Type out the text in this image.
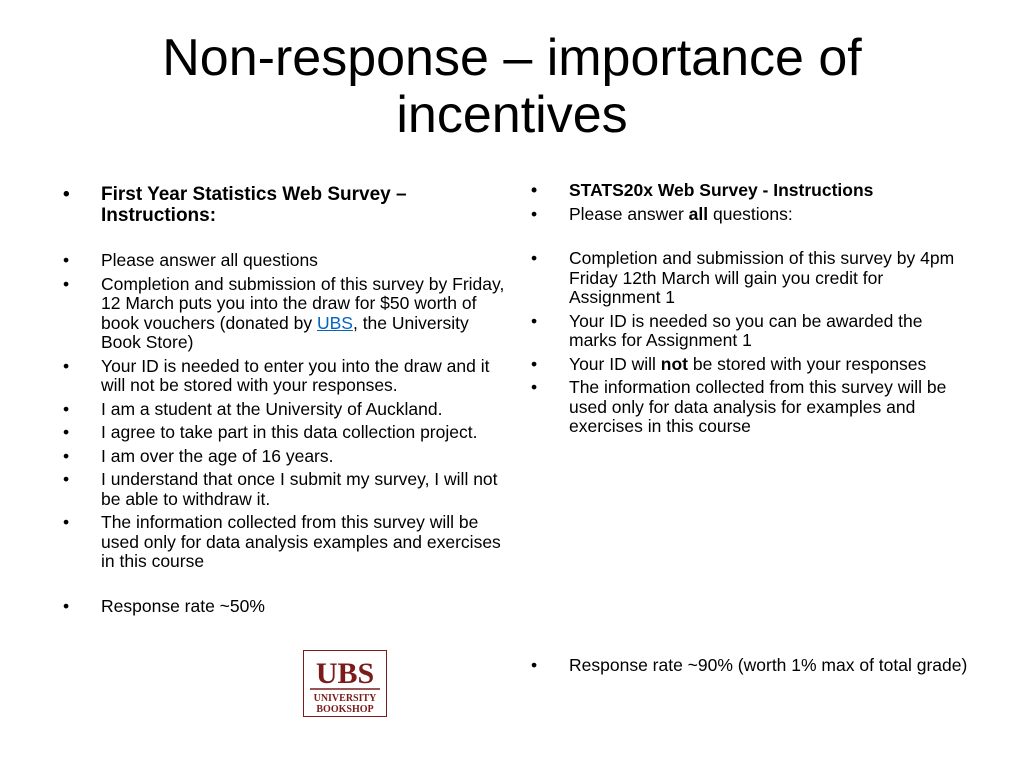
Non-response – importance of incentives
• First Year Statistics Web Survey – Instructions:
• Please answer all questions
• Completion and submission of this survey by Friday, 12 March puts you into the draw for $50 worth of book vouchers (donated by UBS, the University Book Store)
• Your ID is needed to enter you into the draw and it will not be stored with your responses.
• I am a student at the University of Auckland.
• I agree to take part in this data collection project.
• I am over the age of 16 years.
• I understand that once I submit my survey, I will not be able to withdraw it.
• The information collected from this survey will be used only for data analysis examples and exercises in this course
• Response rate ~50%
UBS
UNIVERSITY
BOOKSHOP
• STATS20x Web Survey - Instructions
• Please answer all questions:
• Completion and submission of this survey by 4pm Friday 12th March will gain you credit for Assignment 1
• Your ID is needed so you can be awarded the marks for Assignment 1
• Your ID will not be stored with your responses
• The information collected from this survey will be used only for data analysis for examples and exercises in this course
• Response rate ~90% (worth 1% max of total grade)
